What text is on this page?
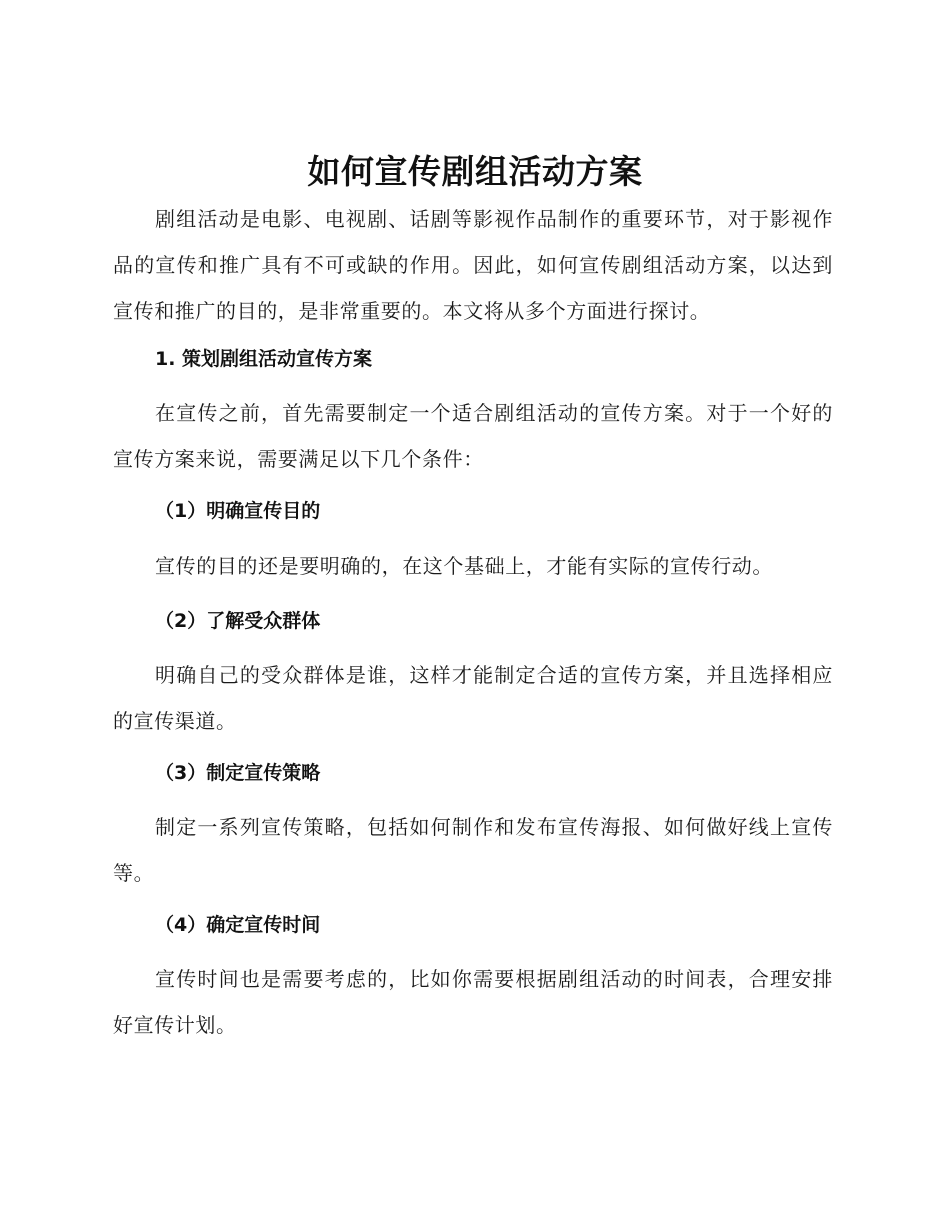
如何宣传剧组活动方案

剧组活动是电影、电视剧、话剧等影视作品制作的重要环节，对于影视作品的宣传和推广具有不可或缺的作用。因此，如何宣传剧组活动方案，以达到宣传和推广的目的，是非常重要的。本文将从多个方面进行探讨。

1. 策划剧组活动宣传方案

在宣传之前，首先需要制定一个适合剧组活动的宣传方案。对于一个好的宣传方案来说，需要满足以下几个条件：

（1）明确宣传目的

宣传的目的还是要明确的，在这个基础上，才能有实际的宣传行动。

（2）了解受众群体

明确自己的受众群体是谁，这样才能制定合适的宣传方案，并且选择相应的宣传渠道。

（3）制定宣传策略

制定一系列宣传策略，包括如何制作和发布宣传海报、如何做好线上宣传等。

（4）确定宣传时间

宣传时间也是需要考虑的，比如你需要根据剧组活动的时间表，合理安排好宣传计划。
